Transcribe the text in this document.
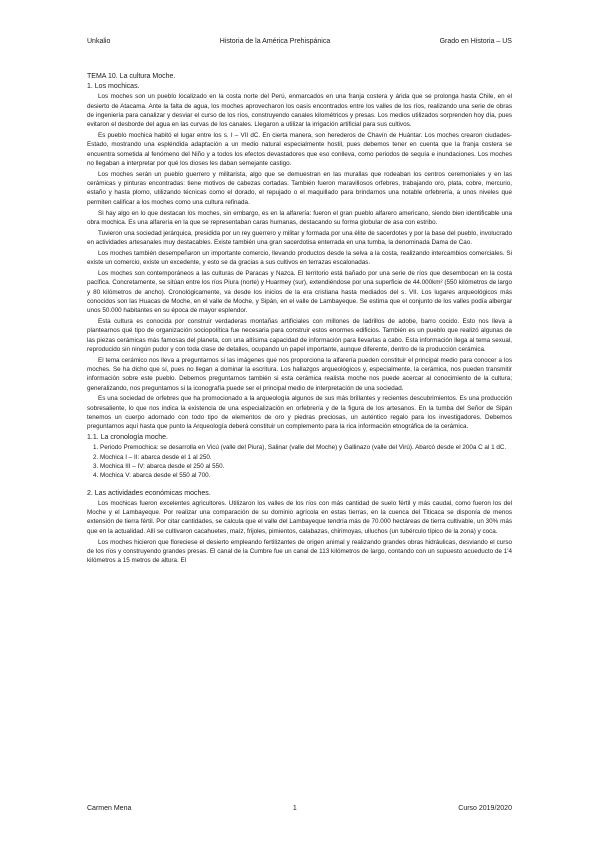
Unkalio	Historia de la América Prehispánica	Grado en Historia – US

TEMA 10. La cultura Moche.

1. Los mochicas.

Los moches son un pueblo localizado en la costa norte del Perú, enmarcados en una franja costera y árida que se prolonga hasta Chile, en el desierto de Atacama. Ante la falta de agua, los moches aprovecharon los oasis encontrados entre los valles de los ríos, realizando una serie de obras de ingeniería para canalizar y desviar el curso de los ríos, construyendo canales kilométricos y presas. Los medios utilizados sorprenden hoy día, pues evitaron el desborde del agua en las curvas de los canales. Llegaron a utilizar la irrigación artificial para sus cultivos.

Es pueblo mochica habitó el lugar entre los s. I – VII dC. En cierta manera, son herederos de Chavín de Huántar. Los moches crearon ciudades-Estado, mostrando una espléndida adaptación a un medio natural especialmente hostil, pues debemos tener en cuenta que la franja costera se encuentra sometida al fenómeno del Niño y a todos los efectos devastadores que eso conlleva, como periodos de sequía e inundaciones. Los moches no llegaban a interpretar por qué los dioses les daban semejante castigo.

Los moches serán un pueblo guerrero y militarista, algo que se demuestran en las murallas que rodeaban los centros ceremoniales y en las cerámicas y pinturas encontradas: tiene motivos de cabezas cortadas. También fueron maravillosos orfebres, trabajando oro, plata, cobre, mercurio, estaño y hasta plomo, utilizando técnicas como el dorado, el repujado o el maquillado para brindarnos una notable orfebrería, a unos niveles que permiten calificar a los moches como una cultura refinada.

Si hay algo en lo que destacan los moches, sin embargo, es en la alfarería: fueron el gran pueblo alfarero americano, siendo bien identificable una obra mochica. Es una alfarería en la que se representaban caras humanas, destacando su forma globular de asa con estribo.

Tuvieron una sociedad jerárquica, presidida por un rey guerrero y militar y formada por una élite de sacerdotes y por la base del pueblo, involucrado en actividades artesanales muy destacables. Existe también una gran sacerdotisa enterrada en una tumba, la denominada Dama de Cao.

Los moches también desempeñaron un importante comercio, llevando productos desde la selva a la costa, realizando intercambios comerciales. Si existe un comercio, existe un excedente, y esto se da gracias a sus cultivos en terrazas escalonadas.

Los moches son contemporáneos a las culturas de Paracas y Nazca. El territorio está bañado por una serie de ríos que desembocan en la costa pacífica. Concretamente, se sitúan entre los ríos Piura (norte) y Huarmey (sur), extendiéndose por una superficie de 44.000km² (550 kilómetros de largo y 80 kilómetros de ancho). Cronológicamente, va desde los inicios de la era cristiana hasta mediados del s. VII. Los lugares arqueológicos más conocidos son las Huacas de Moche, en el valle de Moche, y Sipán, en el valle de Lambayeque. Se estima que el conjunto de los valles podía albergar unos 50.000 habitantes en su época de mayor esplendor.

Esta cultura es conocida por construir verdaderas montañas artificiales con millones de ladrillos de adobe, barro cocido. Esto nos lleva a plantearnos qué tipo de organización sociopolítica fue necesaria para construir estos enormes edificios. También es un pueblo que realizó algunas de las piezas cerámicas más famosas del planeta, con una altísima capacidad de información para llevarlas a cabo. Esta información llega al tema sexual, reproducido sin ningún pudor y con toda clase de detalles, ocupando un papel importante, aunque diferente, dentro de la producción cerámica.

El tema cerámico nos lleva a preguntarnos si las imágenes que nos proporciona la alfarería pueden constituir el principal medio para conocer a los moches. Se ha dicho que sí, pues no llegan a dominar la escritura. Los hallazgos arqueológicos y, especialmente, la cerámica, nos pueden transmitir información sobre este pueblo. Debemos preguntarnos también si esta cerámica realista moche nos puede acercar al conocimiento de la cultura; generalizando, nos preguntamos si la iconografía puede ser el principal medio de interpretación de una sociedad.

Es una sociedad de orfebres que ha promocionado a la arqueología algunos de sus más brillantes y recientes descubrimientos. Es una producción sobresaliente, lo que nos indica la existencia de una especialización en orfebrería y de la figura de los artesanos. En la tumba del Señor de Sipán tenemos un cuerpo adornado con todo tipo de elementos de oro y piedras preciosas, un auténtico regalo para los investigadores. Debemos preguntarnos aquí hasta que punto la Arqueología deberá constituir un complemento para la rica información etnográfica de la cerámica.

1.1. La cronología moche.

1. Periodo Premochica: se desarrolla en Vicú (valle del Piura), Salinar (valle del Moche) y Gallinazo (valle del Virú). Abarcó desde el 200a C al 1 dC.

2. Mochica I – II: abarca desde el 1 al 250.

3. Mochica III – IV: abarca desde el 250 al 550.

4. Mochica V: abarca desde el 550 al 700.

2. Las actividades económicas moches.

Los mochicas fueron excelentes agricultores. Utilizaron los valles de los ríos con más cantidad de suelo fértil y más caudal, como fueron los del Moche y el Lambayeque. Por realizar una comparación de su dominio agrícola en estas tierras, en la cuenca del Titicaca se disponía de menos extensión de tierra fértil. Por citar cantidades, se calcula que el valle del Lambayeque tendría más de 70.000 hectáreas de tierra cultivable, un 30% más que en la actualidad. Allí se cultivaron cacahuetes, maíz, frijoles, pimientos, calabazas, chirimoyas, ulluchos (un tubérculo típico de la zona) y coca.

Los moches hicieron que floreciese el desierto empleando fertilizantes de origen animal y realizando grandes obras hidráulicas, desviando el curso de los ríos y construyendo grandes presas. El canal de la Cumbre fue un canal de 113 kilómetros de largo, contando con un supuesto acueducto de 1'4 kilómetros a 15 metros de altura. El

Carmen Mena	1	Curso 2019/2020
